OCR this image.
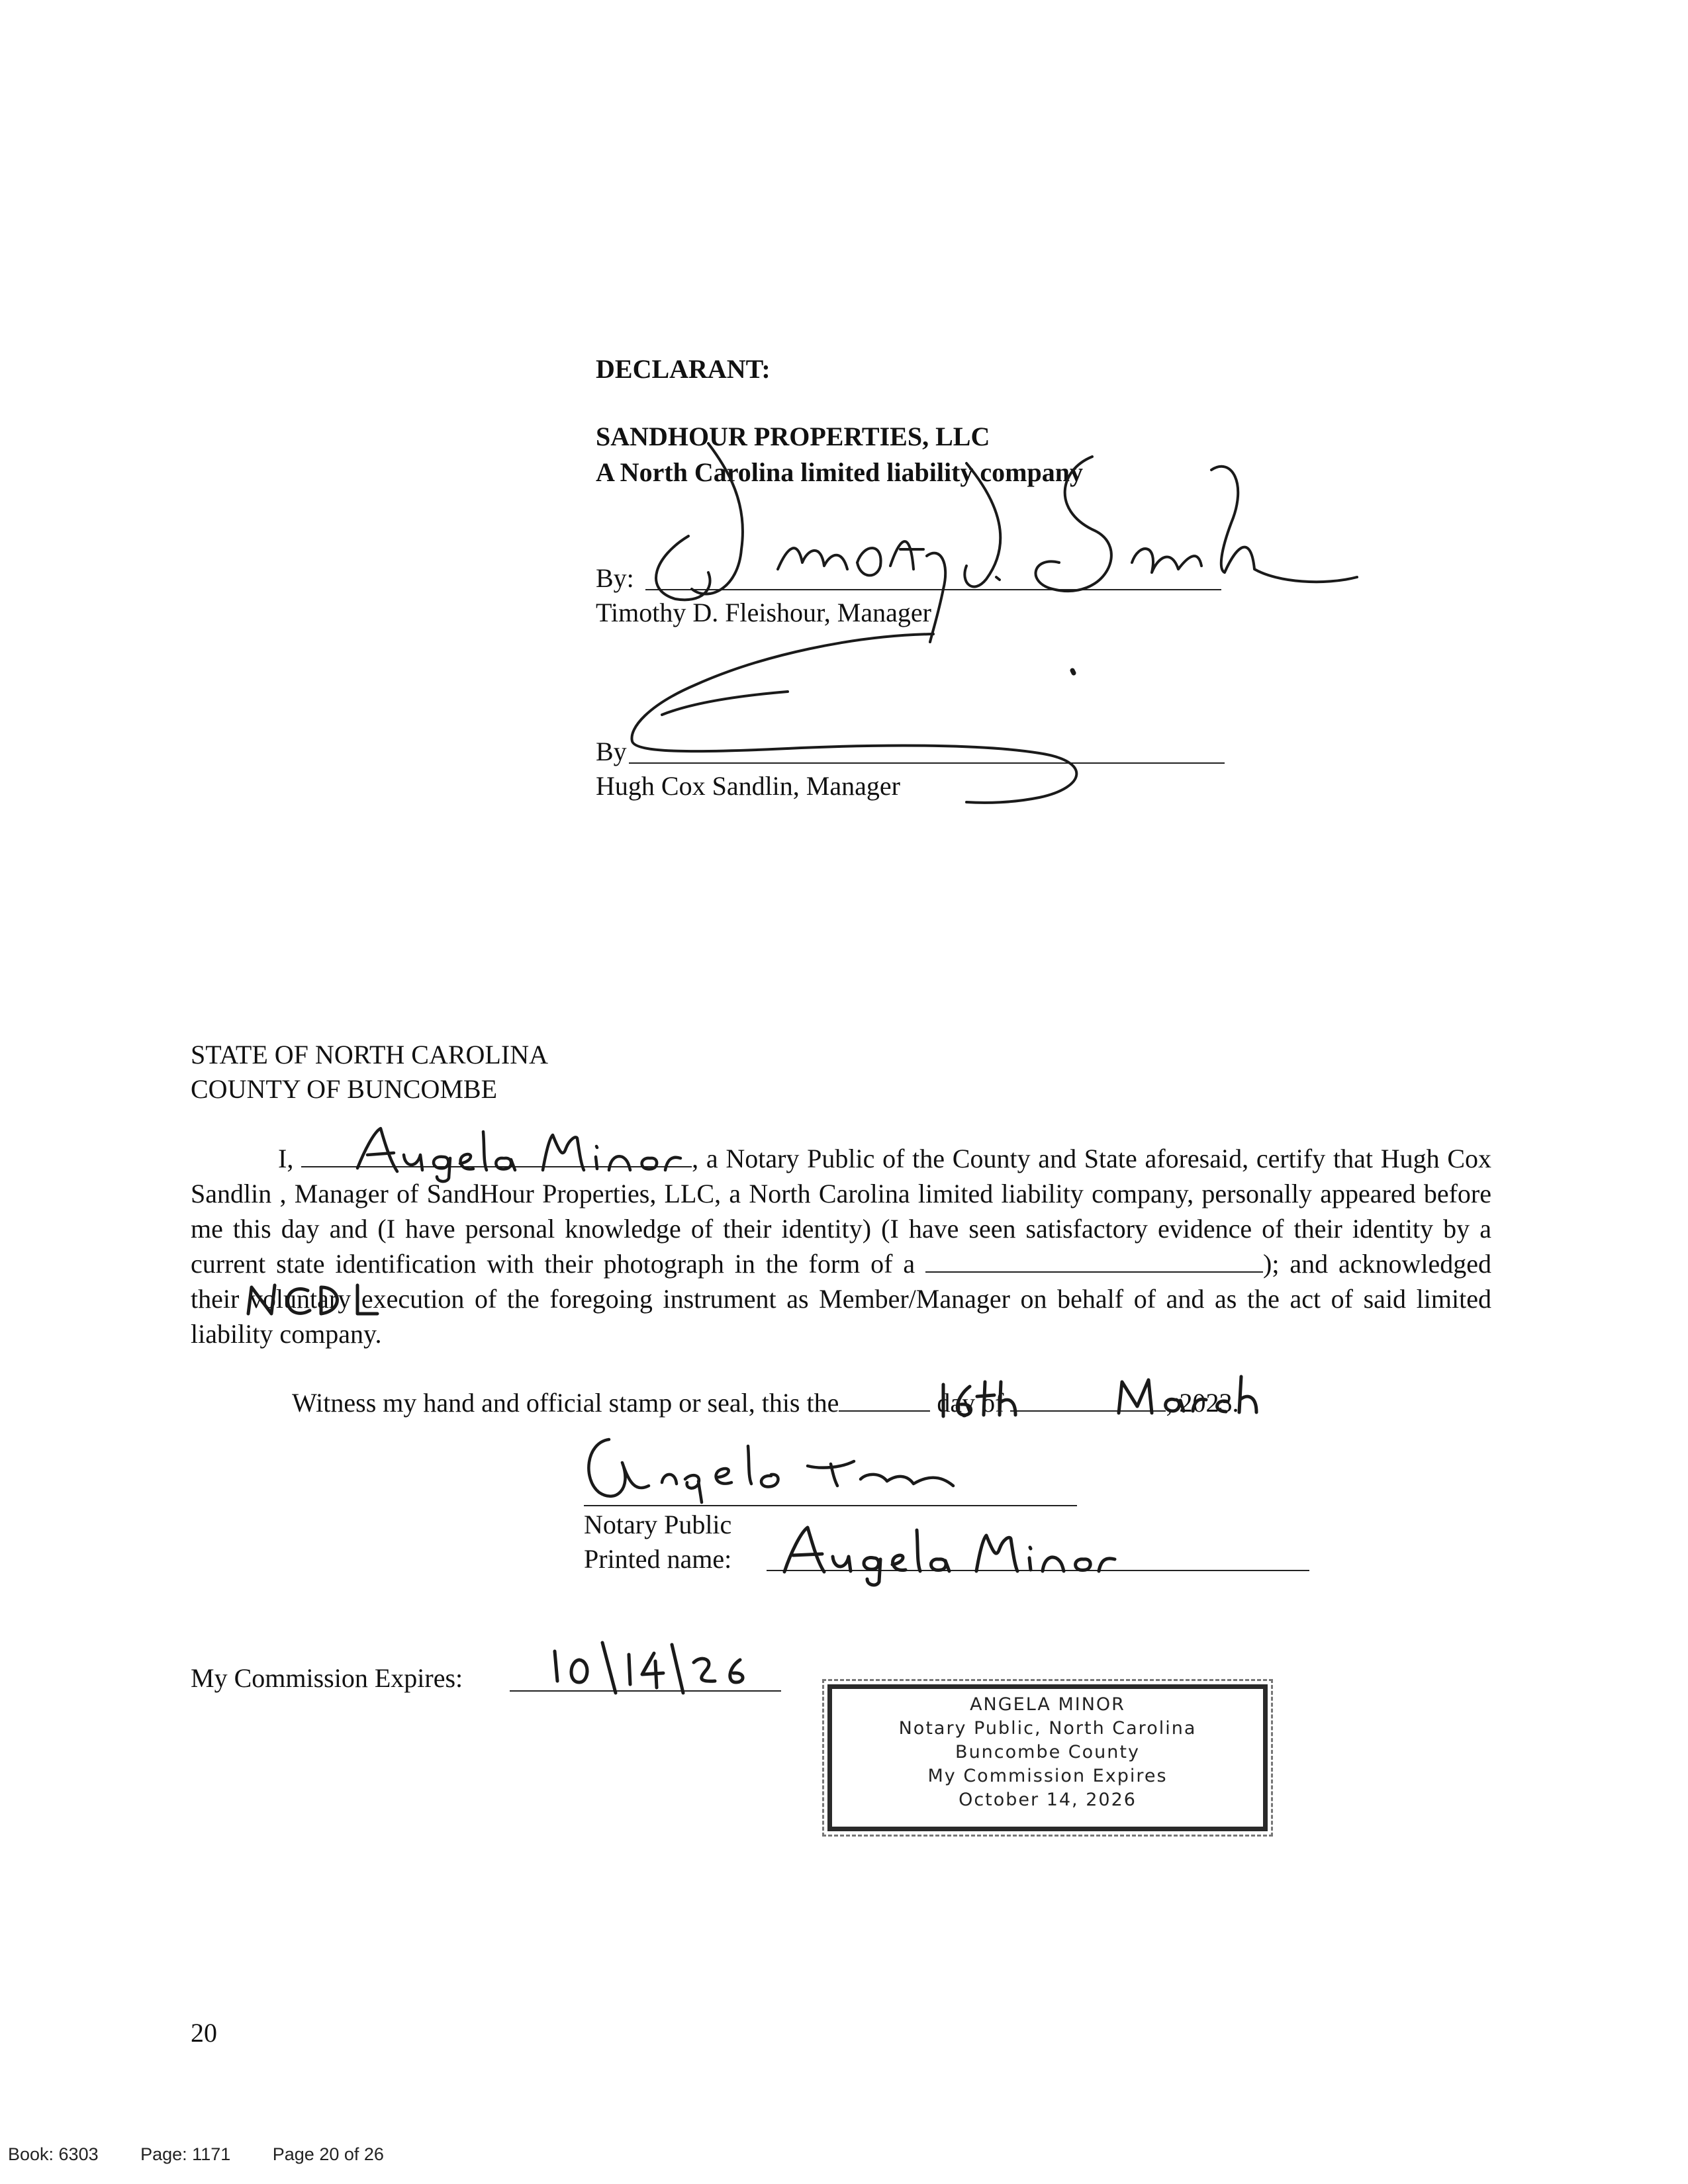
DECLARANT:
SANDHOUR PROPERTIES, LLC
A North Carolina limited liability company
By:
Timothy D. Fleishour, Manager
By
Hugh Cox Sandlin, Manager
STATE OF NORTH CAROLINA
COUNTY OF BUNCOMBE
I,	, a Notary Public of the County and State aforesaid, certify that Hugh Cox Sandlin , Manager of SandHour Properties, LLC, a North Carolina limited liability company, personally appeared before me this day and (I have personal knowledge of their identity) (I have seen satisfactory evidence of their identity by a current state identification with their photograph in the form of a	); and acknowledged their voluntary execution of the foregoing instrument as Member/Manager on behalf of and as the act of said limited liability company.
Witness my hand and official stamp or seal, this the	day of	, 2023.
Notary Public
Printed name:
My Commission Expires:
ANGELA MINOR
Notary Public, North Carolina
Buncombe County
My Commission Expires
October 14, 2026
20
Book: 6303 Page: 1171 Page 20 of 26
